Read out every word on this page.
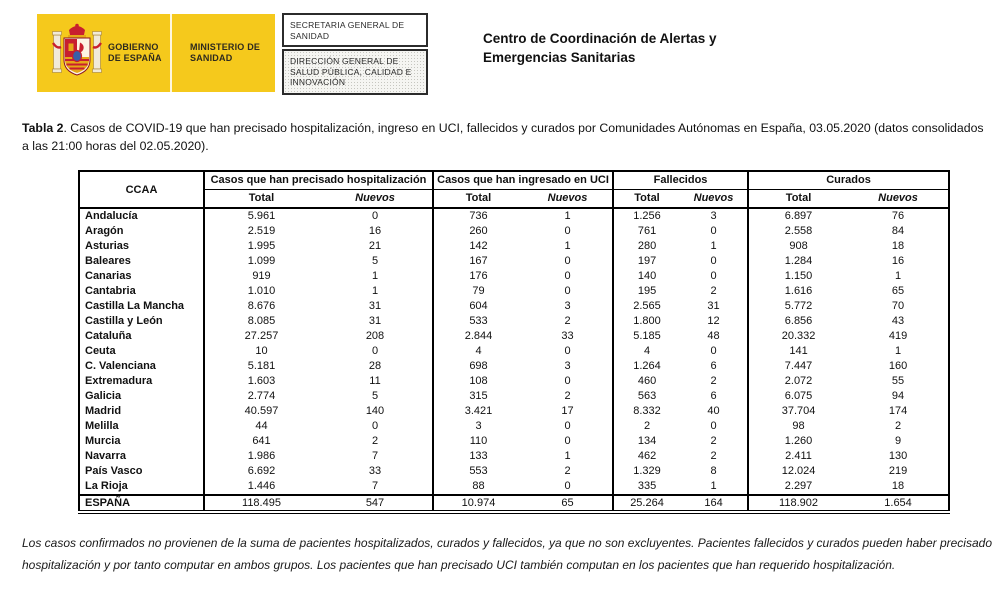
GOBIERNO DE ESPAÑA
MINISTERIO DE SANIDAD
SECRETARIA GENERAL DE SANIDAD
DIRECCIÓN GENERAL DE SALUD PÚBLICA, CALIDAD E INNOVACIÓN
Centro de Coordinación de Alertas y Emergencias Sanitarias

Tabla 2. Casos de COVID-19 que han precisado hospitalización, ingreso en UCI, fallecidos y curados por Comunidades Autónomas en España, 03.05.2020 (datos consolidados a las 21:00 horas del 02.05.2020).

CCAA	Casos que han precisado hospitalización		Casos que han ingresado en UCI		Fallecidos		Curados	
	Total	Nuevos	Total	Nuevos	Total	Nuevos	Total	Nuevos
Andalucía	5.961	0	736	1	1.256	3	6.897	76
Aragón	2.519	16	260	0	761	0	2.558	84
Asturias	1.995	21	142	1	280	1	908	18
Baleares	1.099	5	167	0	197	0	1.284	16
Canarias	919	1	176	0	140	0	1.150	1
Cantabria	1.010	1	79	0	195	2	1.616	65
Castilla La Mancha	8.676	31	604	3	2.565	31	5.772	70
Castilla y León	8.085	31	533	2	1.800	12	6.856	43
Cataluña	27.257	208	2.844	33	5.185	48	20.332	419
Ceuta	10	0	4	0	4	0	141	1
C. Valenciana	5.181	28	698	3	1.264	6	7.447	160
Extremadura	1.603	11	108	0	460	2	2.072	55
Galicia	2.774	5	315	2	563	6	6.075	94
Madrid	40.597	140	3.421	17	8.332	40	37.704	174
Melilla	44	0	3	0	2	0	98	2
Murcia	641	2	110	0	134	2	1.260	9
Navarra	1.986	7	133	1	462	2	2.411	130
País Vasco	6.692	33	553	2	1.329	8	12.024	219
La Rioja	1.446	7	88	0	335	1	2.297	18
ESPAÑA	118.495	547	10.974	65	25.264	164	118.902	1.654

Los casos confirmados no provienen de la suma de pacientes hospitalizados, curados y fallecidos, ya que no son excluyentes. Pacientes fallecidos y curados pueden haber precisado hospitalización y por tanto computar en ambos grupos. Los pacientes que han precisado UCI también computan en los pacientes que han requerido hospitalización.
